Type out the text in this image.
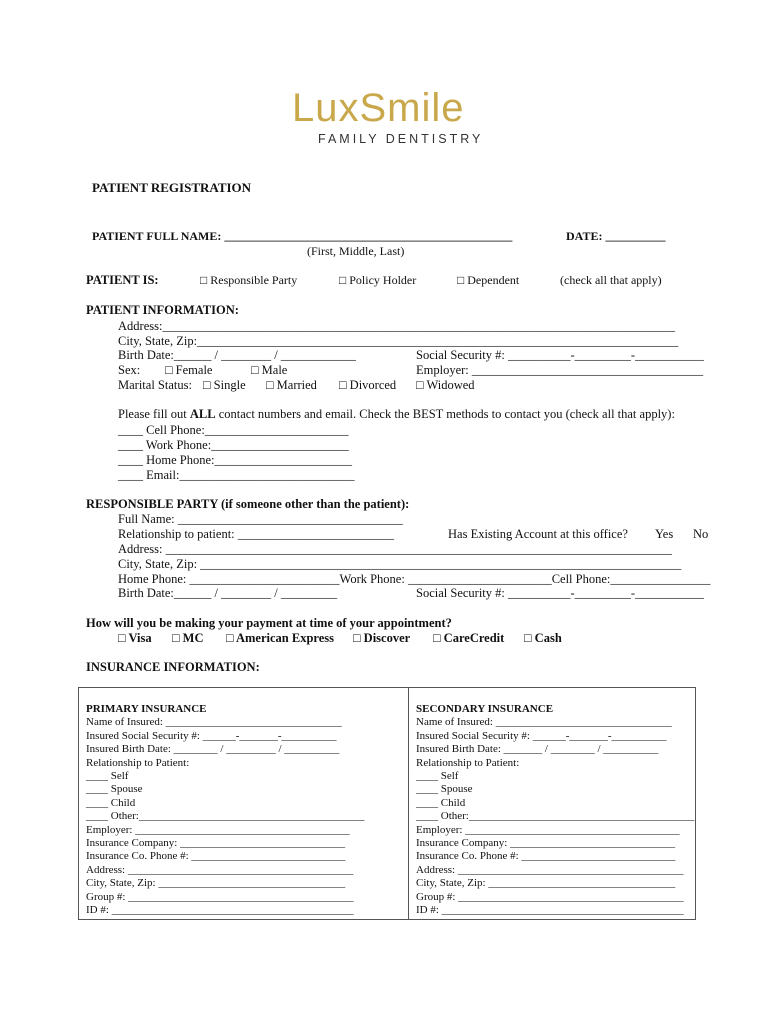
LuxSmile
FAMILY DENTISTRY
PATIENT REGISTRATION
PATIENT FULL NAME: ________________________________________________	DATE: __________
(First, Middle, Last)
PATIENT IS:	□ Responsible Party	□ Policy Holder	□ Dependent	(check all that apply)
PATIENT INFORMATION:
Address:__________________________________________________________________________________
City, State, Zip:_____________________________________________________________________________
Birth Date:______ / ________ / ____________	Social Security #: __________-_________-___________
Sex: □ Female	□ Male	Employer: _____________________________________
Marital Status: □ Single □ Married □ Divorced □ Widowed
Please fill out ALL contact numbers and email. Check the BEST methods to contact you (check all that apply):
____ Cell Phone:_______________________
____ Work Phone:______________________
____ Home Phone:______________________
____ Email:____________________________
RESPONSIBLE PARTY (if someone other than the patient):
Full Name: ____________________________________
Relationship to patient: _________________________	Has Existing Account at this office? Yes No
Address: _________________________________________________________________________________
City, State, Zip: _____________________________________________________________________________
Home Phone: ________________________Work Phone: _______________________Cell Phone:________________
Birth Date:______ / ________ / _________	Social Security #: __________-_________-___________
How will you be making your payment at time of your appointment?
□ Visa □ MC □ American Express □ Discover □ CareCredit □ Cash
INSURANCE INFORMATION:
PRIMARY INSURANCE
Name of Insured: ________________________________
Insured Social Security #: ______-_______-__________
Insured Birth Date: ________ / _________ / __________
Relationship to Patient:
____ Self
____ Spouse
____ Child
____ Other:_________________________________________
Employer: _______________________________________
Insurance Company: ______________________________
Insurance Co. Phone #: ____________________________
Address: _________________________________________
City, State, Zip: __________________________________
Group #: _________________________________________
ID #: ____________________________________________
SECONDARY INSURANCE
Name of Insured: ________________________________
Insured Social Security #: ______-_______-__________
Insured Birth Date: _______ / ________ / __________
Relationship to Patient:
____ Self
____ Spouse
____ Child
____ Other:_________________________________________
Employer: _______________________________________
Insurance Company: ______________________________
Insurance Co. Phone #: ____________________________
Address: _________________________________________
City, State, Zip: __________________________________
Group #: _________________________________________
ID #: ____________________________________________
